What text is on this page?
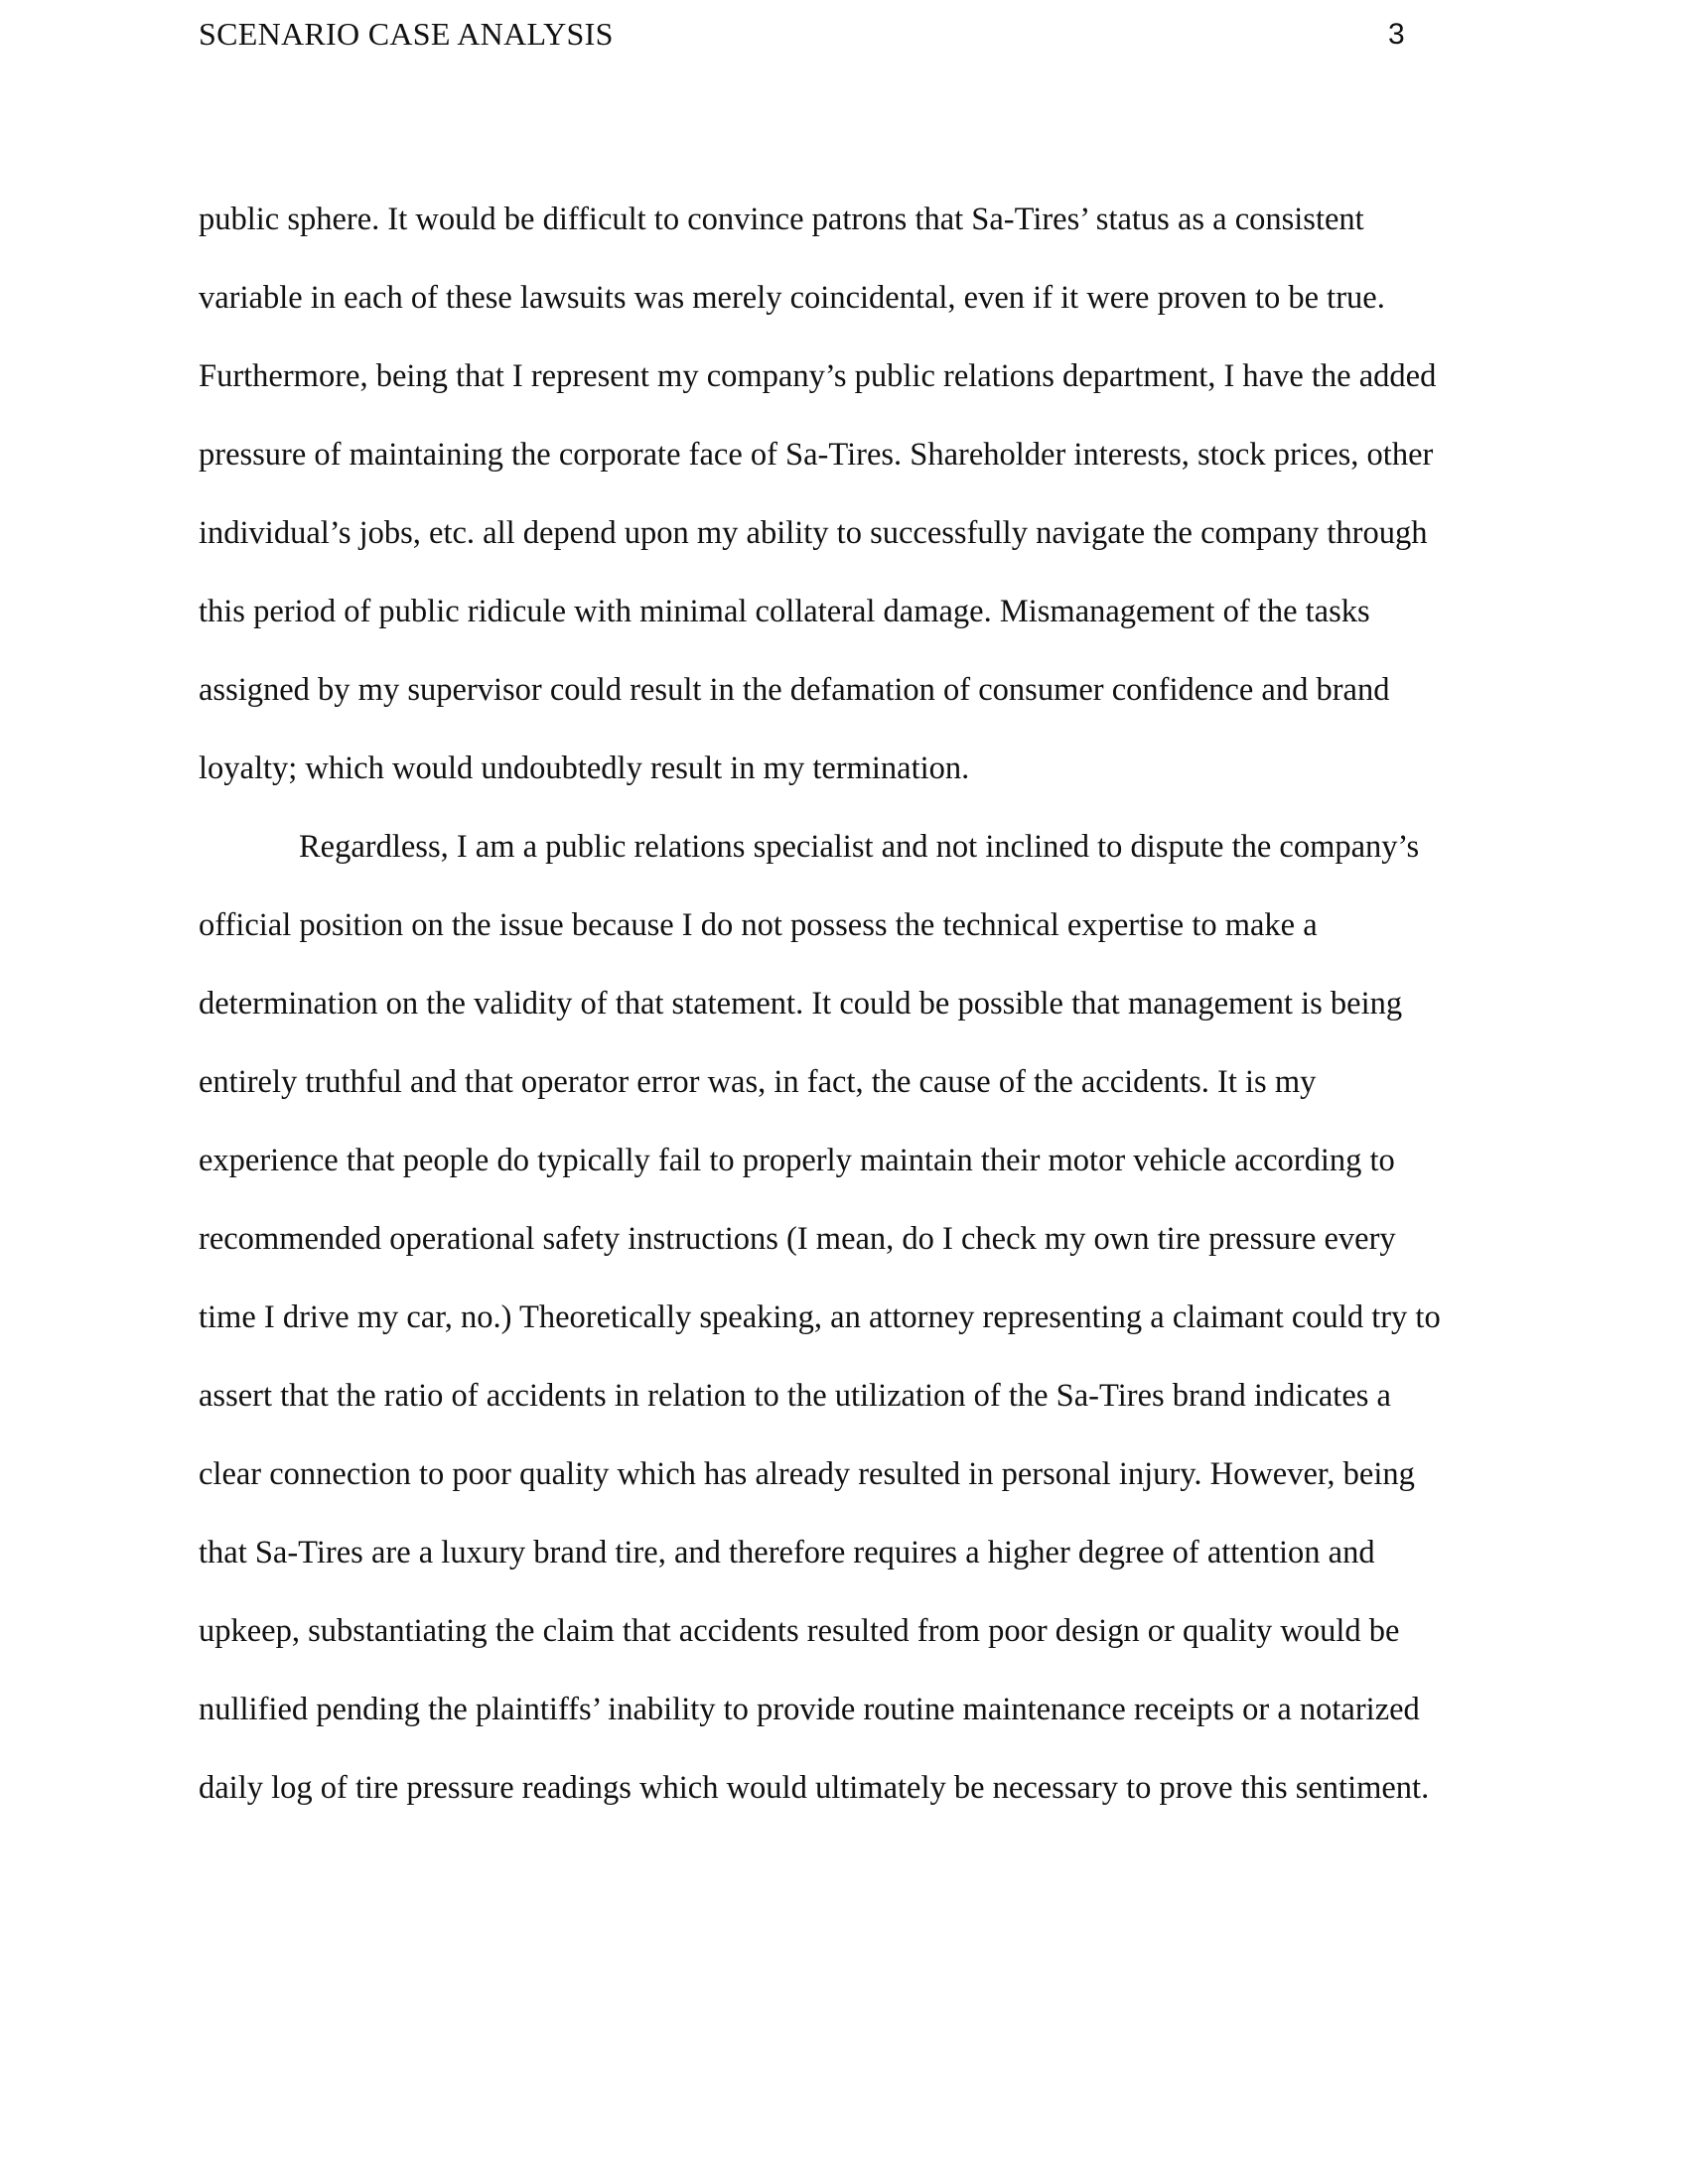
SCENARIO CASE ANALYSIS	3
public sphere. It would be difficult to convince patrons that Sa-Tires’ status as a consistent
variable in each of these lawsuits was merely coincidental, even if it were proven to be true.
Furthermore, being that I represent my company’s public relations department, I have the added
pressure of maintaining the corporate face of Sa-Tires. Shareholder interests, stock prices, other
individual’s jobs, etc. all depend upon my ability to successfully navigate the company through
this period of public ridicule with minimal collateral damage. Mismanagement of the tasks
assigned by my supervisor could result in the defamation of consumer confidence and brand
loyalty; which would undoubtedly result in my termination.
Regardless, I am a public relations specialist and not inclined to dispute the company’s
official position on the issue because I do not possess the technical expertise to make a
determination on the validity of that statement. It could be possible that management is being
entirely truthful and that operator error was, in fact, the cause of the accidents. It is my
experience that people do typically fail to properly maintain their motor vehicle according to
recommended operational safety instructions (I mean, do I check my own tire pressure every
time I drive my car, no.) Theoretically speaking, an attorney representing a claimant could try to
assert that the ratio of accidents in relation to the utilization of the Sa-Tires brand indicates a
clear connection to poor quality which has already resulted in personal injury. However, being
that Sa-Tires are a luxury brand tire, and therefore requires a higher degree of attention and
upkeep, substantiating the claim that accidents resulted from poor design or quality would be
nullified pending the plaintiffs’ inability to provide routine maintenance receipts or a notarized
daily log of tire pressure readings which would ultimately be necessary to prove this sentiment.
